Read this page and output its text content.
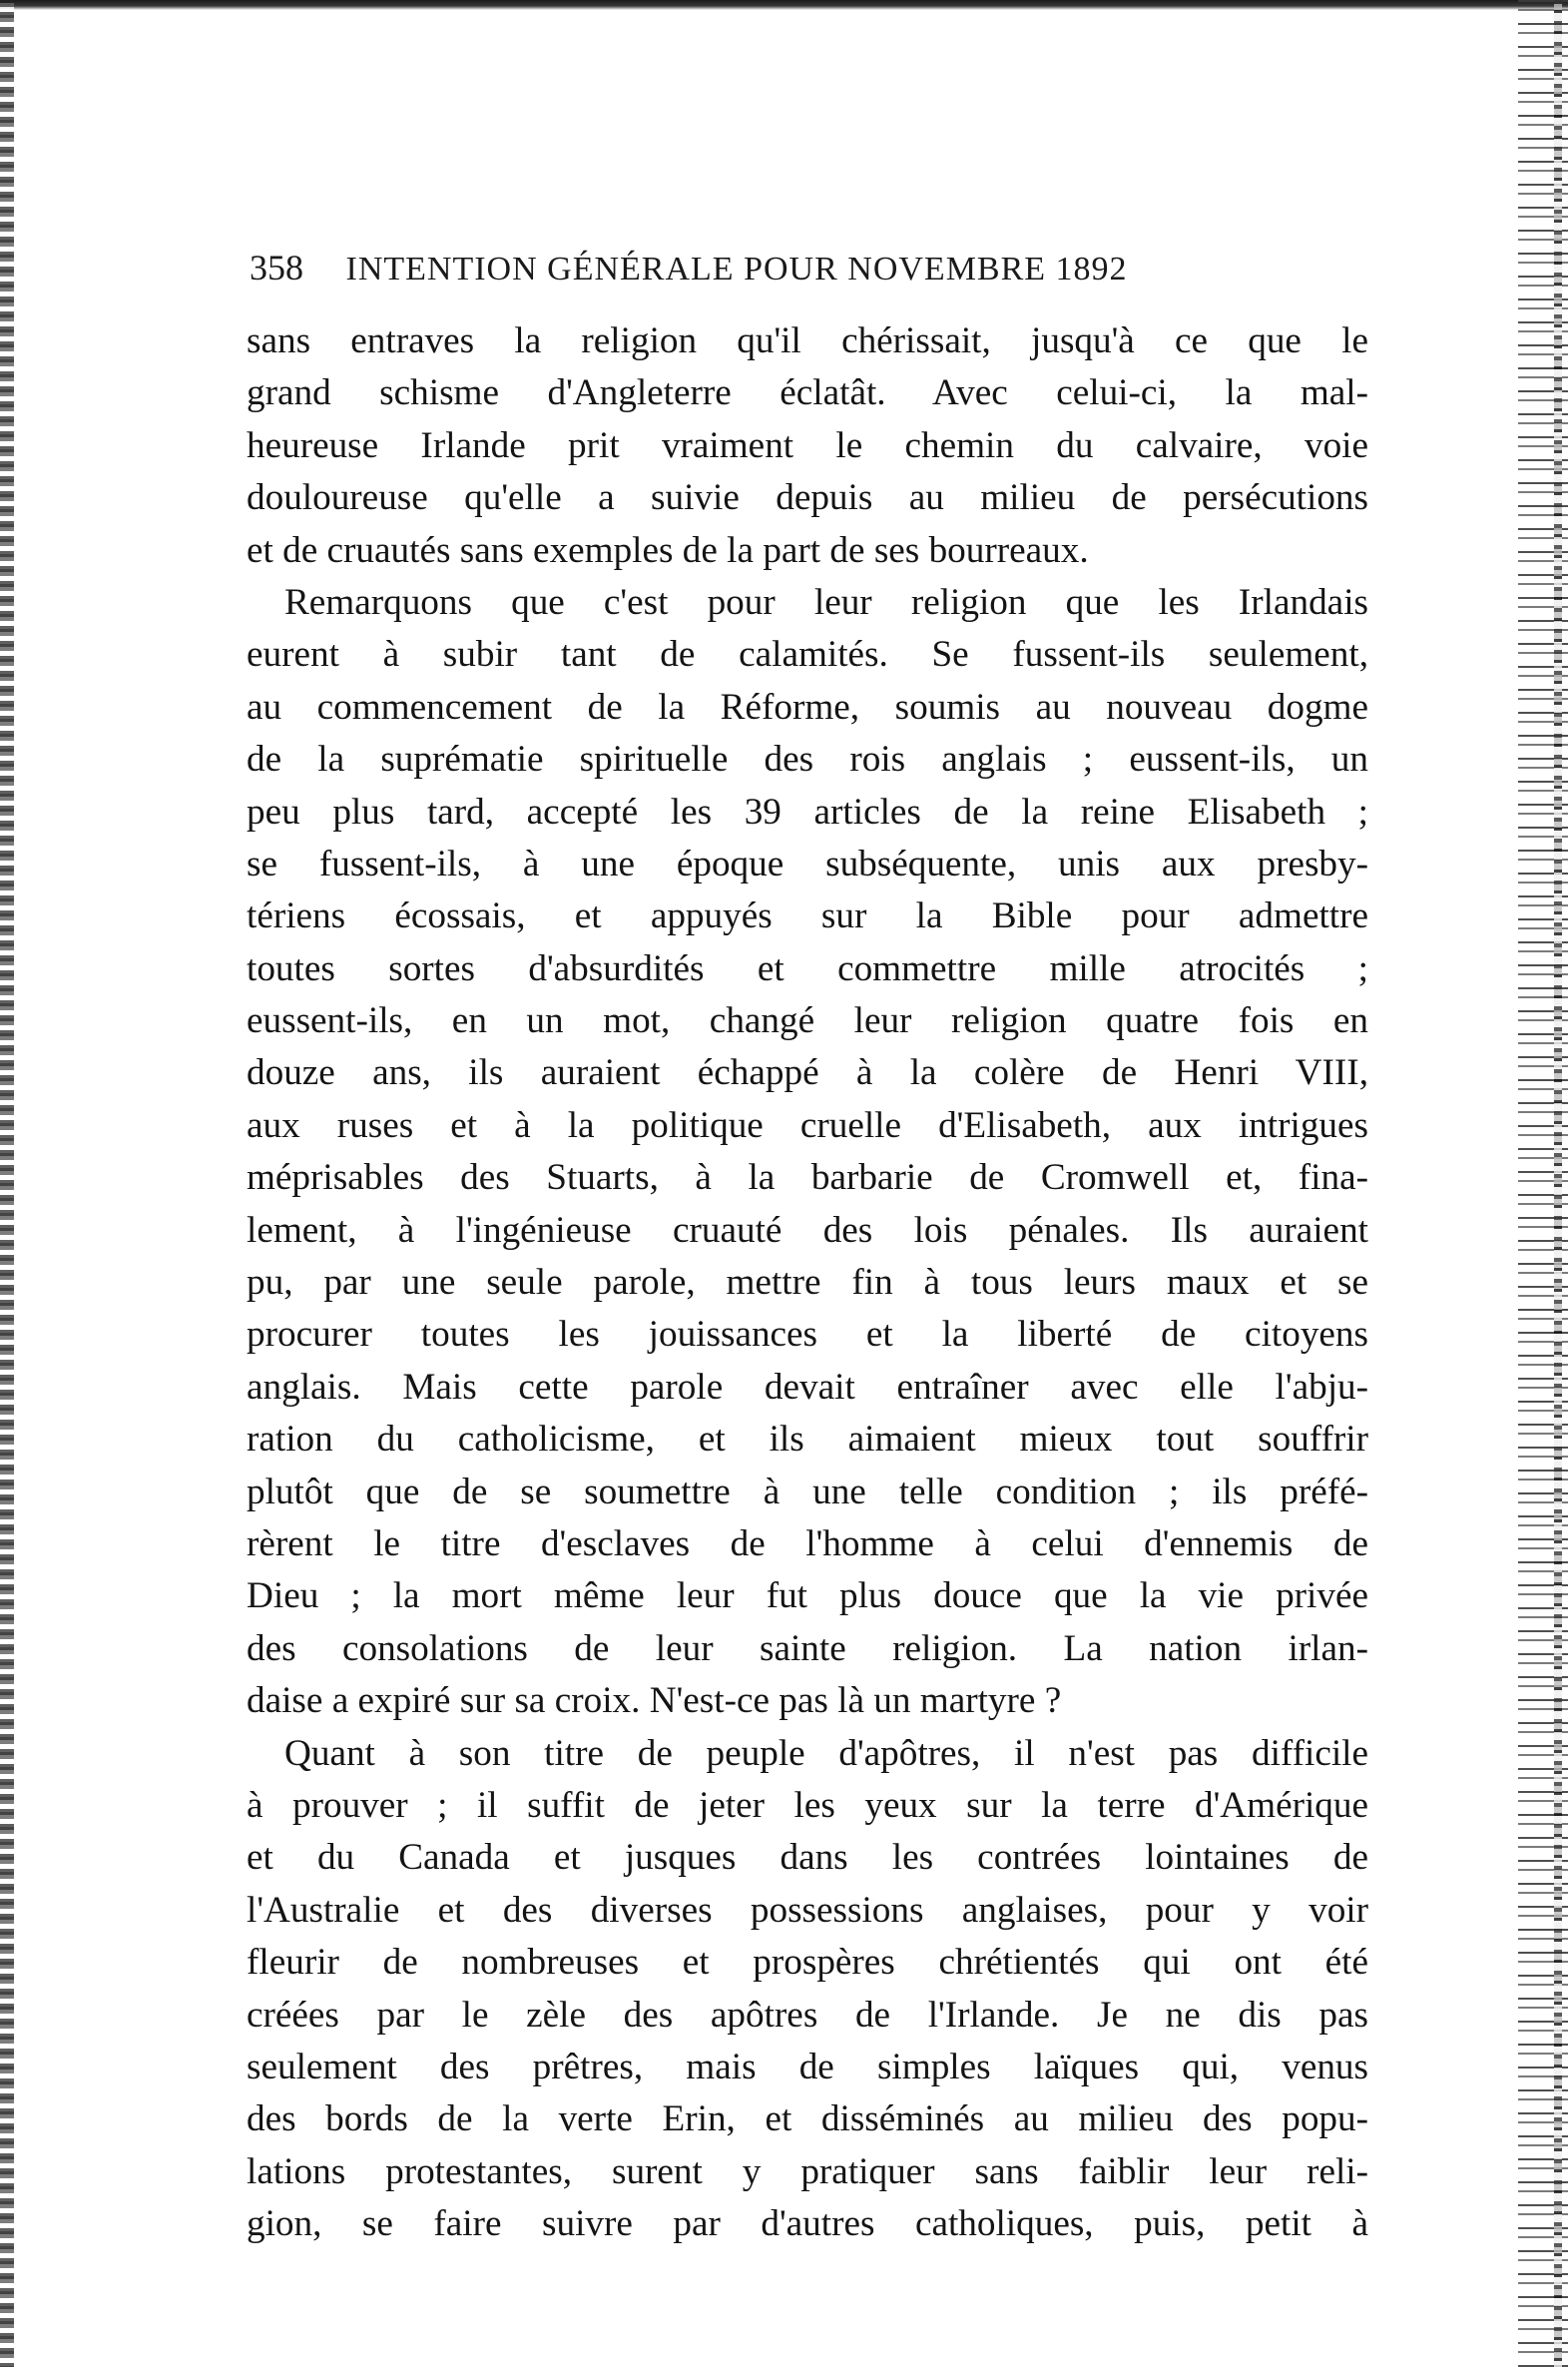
358 INTENTION GÉNÉRALE POUR NOVEMBRE 1892
sans entraves la religion qu'il chérissait, jusqu'à ce que le
grand schisme d'Angleterre éclatât. Avec celui-ci, la mal-
heureuse Irlande prit vraiment le chemin du calvaire, voie
douloureuse qu'elle a suivie depuis au milieu de persécutions
et de cruautés sans exemples de la part de ses bourreaux.
Remarquons que c'est pour leur religion que les Irlandais
eurent à subir tant de calamités. Se fussent-ils seulement,
au commencement de la Réforme, soumis au nouveau dogme
de la suprématie spirituelle des rois anglais ; eussent-ils, un
peu plus tard, accepté les 39 articles de la reine Elisabeth ;
se fussent-ils, à une époque subséquente, unis aux presby-
tériens écossais, et appuyés sur la Bible pour admettre
toutes sortes d'absurdités et commettre mille atrocités ;
eussent-ils, en un mot, changé leur religion quatre fois en
douze ans, ils auraient échappé à la colère de Henri VIII,
aux ruses et à la politique cruelle d'Elisabeth, aux intrigues
méprisables des Stuarts, à la barbarie de Cromwell et, fina-
lement, à l'ingénieuse cruauté des lois pénales. Ils auraient
pu, par une seule parole, mettre fin à tous leurs maux et se
procurer toutes les jouissances et la liberté de citoyens
anglais. Mais cette parole devait entraîner avec elle l'abju-
ration du catholicisme, et ils aimaient mieux tout souffrir
plutôt que de se soumettre à une telle condition ; ils préfé-
rèrent le titre d'esclaves de l'homme à celui d'ennemis de
Dieu ; la mort même leur fut plus douce que la vie privée
des consolations de leur sainte religion. La nation irlan-
daise a expiré sur sa croix. N'est-ce pas là un martyre ?
Quant à son titre de peuple d'apôtres, il n'est pas difficile
à prouver ; il suffit de jeter les yeux sur la terre d'Amérique
et du Canada et jusques dans les contrées lointaines de
l'Australie et des diverses possessions anglaises, pour y voir
fleurir de nombreuses et prospères chrétientés qui ont été
créées par le zèle des apôtres de l'Irlande. Je ne dis pas
seulement des prêtres, mais de simples laïques qui, venus
des bords de la verte Erin, et disséminés au milieu des popu-
lations protestantes, surent y pratiquer sans faiblir leur reli-
gion, se faire suivre par d'autres catholiques, puis, petit à
